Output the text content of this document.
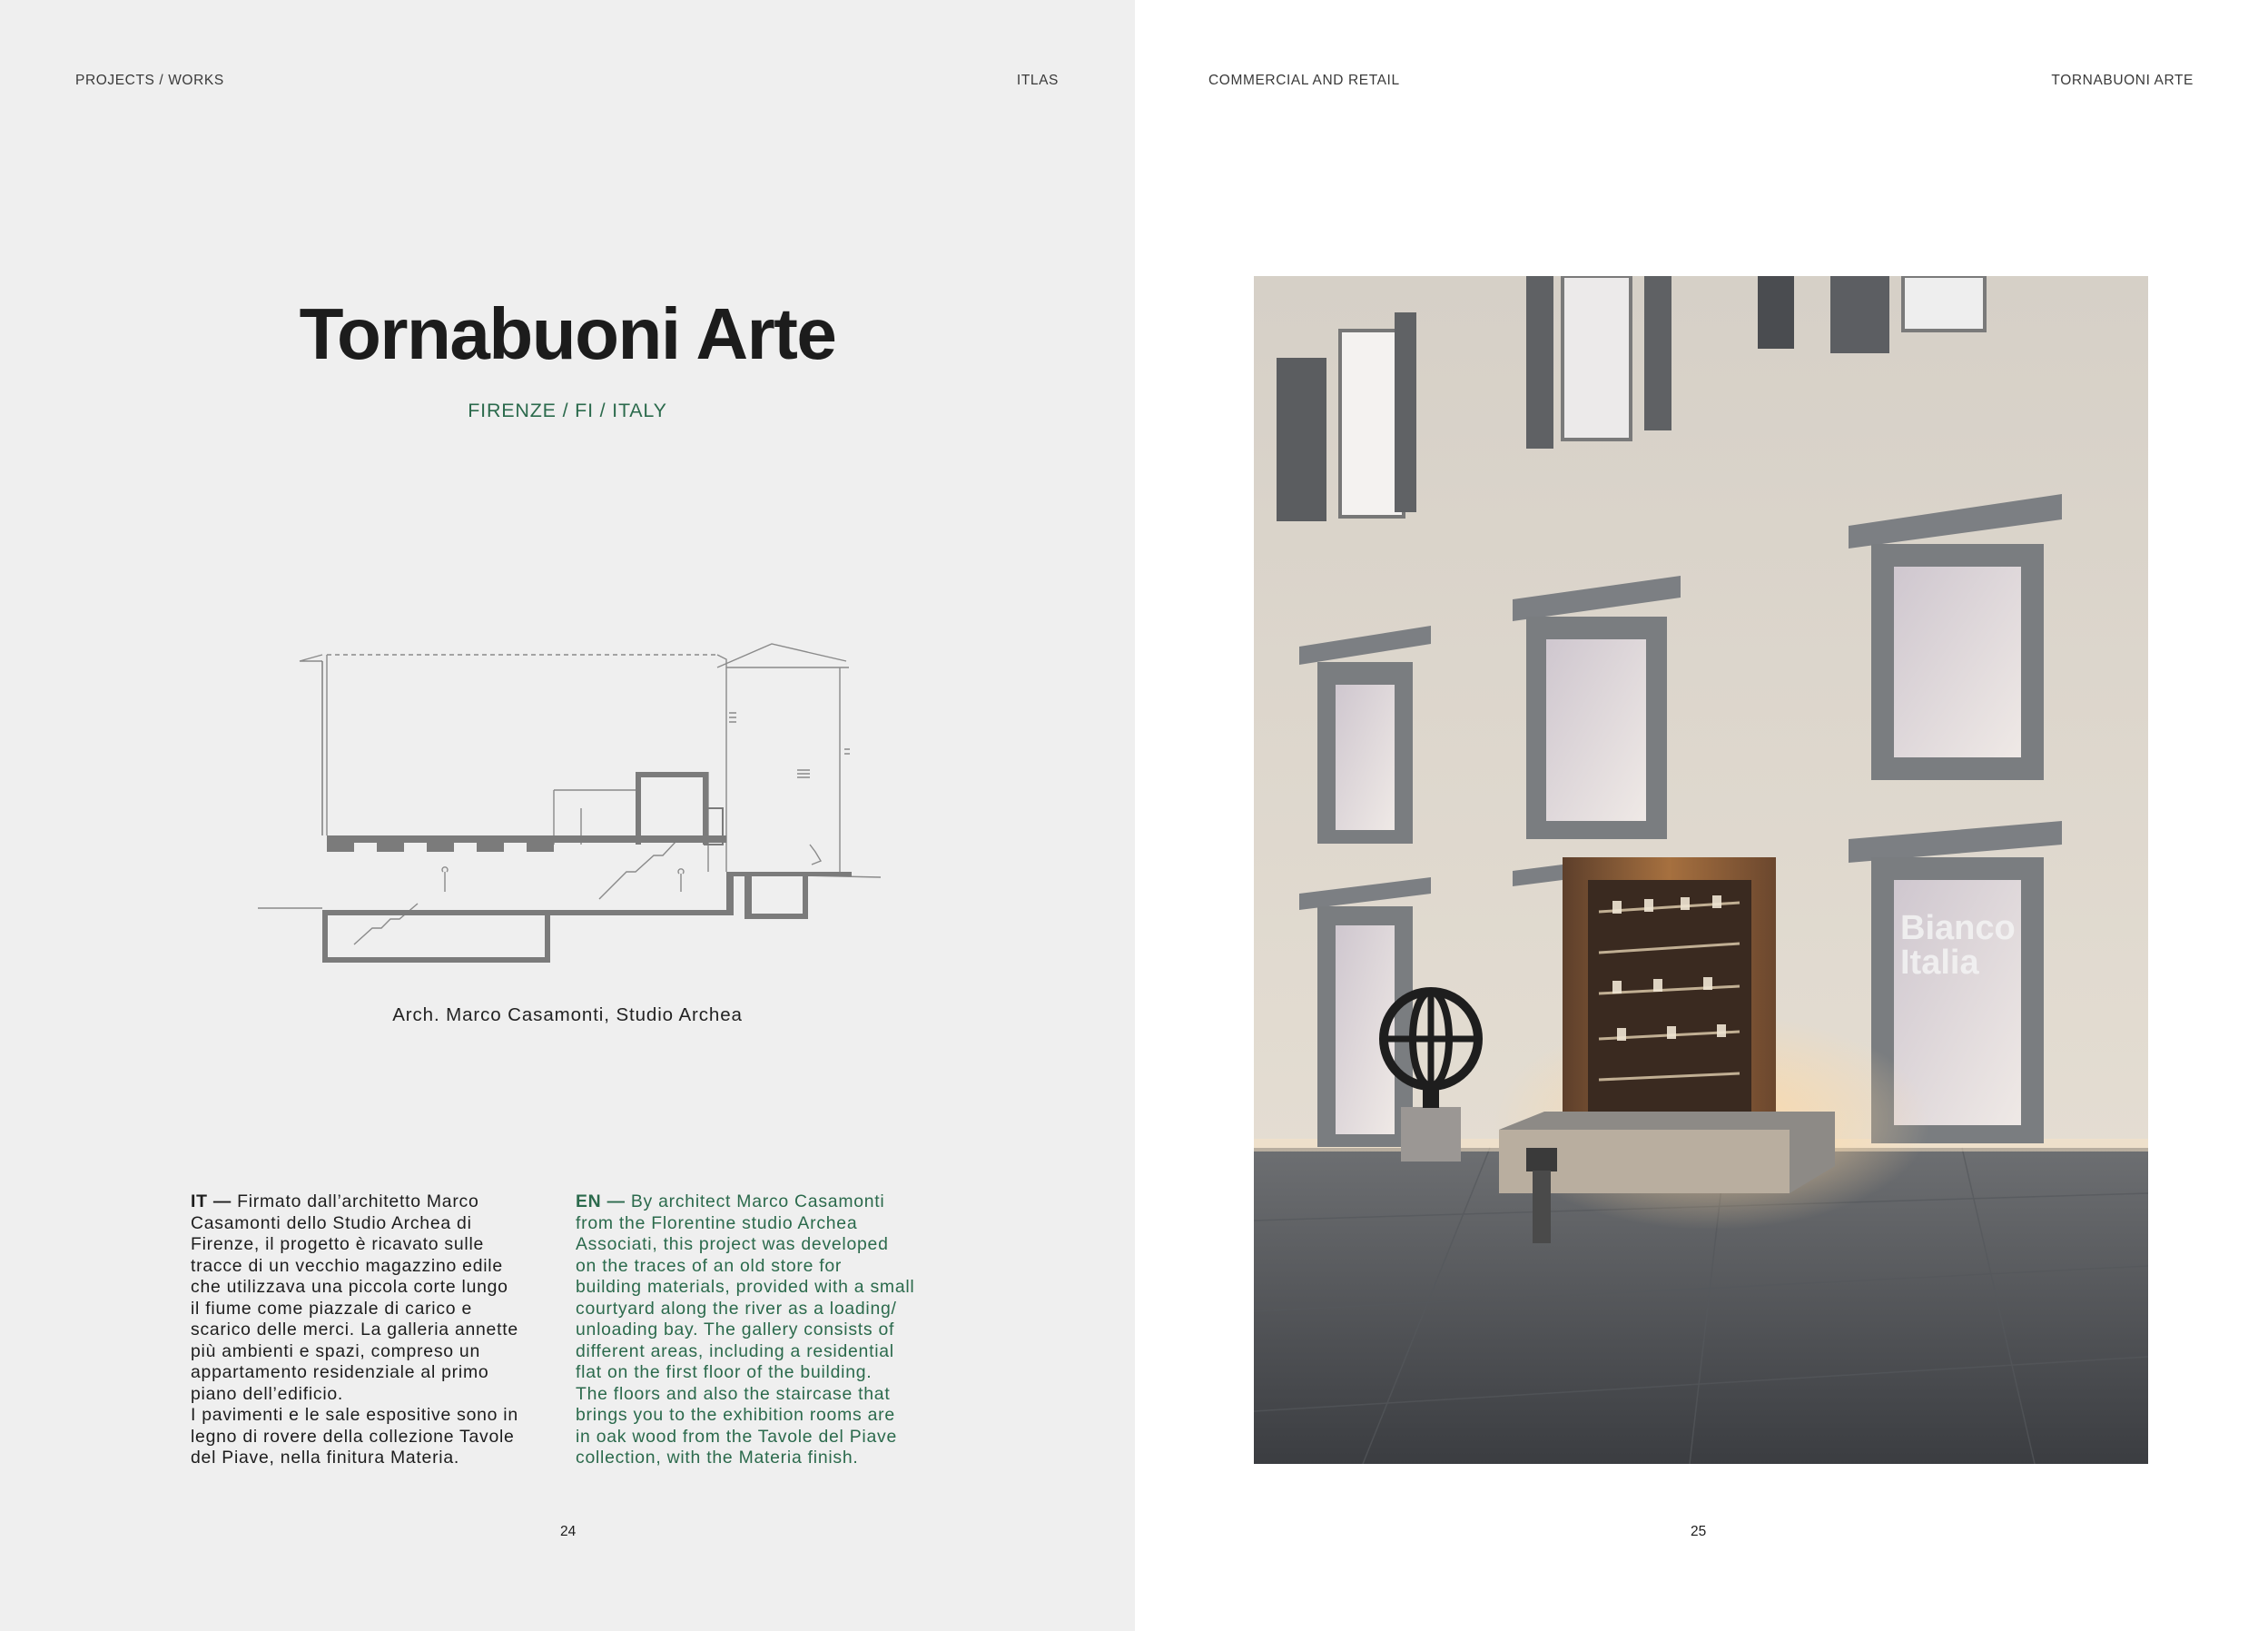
PROJECTS / WORKS	ITLAS
Tornabuoni Arte
FIRENZE / FI / ITALY
Arch. Marco Casamonti, Studio Archea

IT — Firmato dall’architetto Marco

Casamonti dello Studio Archea di

Firenze, il progetto è ricavato sulle

tracce di un vecchio magazzino edile

che utilizzava una piccola corte lungo

il fiume come piazzale di carico e

scarico delle merci. La galleria annette

più ambienti e spazi, compreso un

appartamento residenziale al primo

piano dell’edificio.

I pavimenti e le sale espositive sono in

legno di rovere della collezione Tavole

del Piave, nella finitura Materia.

EN — By architect Marco Casamonti

from the Florentine studio Archea

Associati, this project was developed

on the traces of an old store for

building materials, provided with a small

courtyard along the river as a loading/

unloading bay. The gallery consists of

different areas, including a residential

flat on the first floor of the building.

The floors and also the staircase that

brings you to the exhibition rooms are

in oak wood from the Tavole del Piave

collection, with the Materia finish.

24
COMMERCIAL AND RETAIL	TORNABUONI ARTE
Bianco Italia
25
